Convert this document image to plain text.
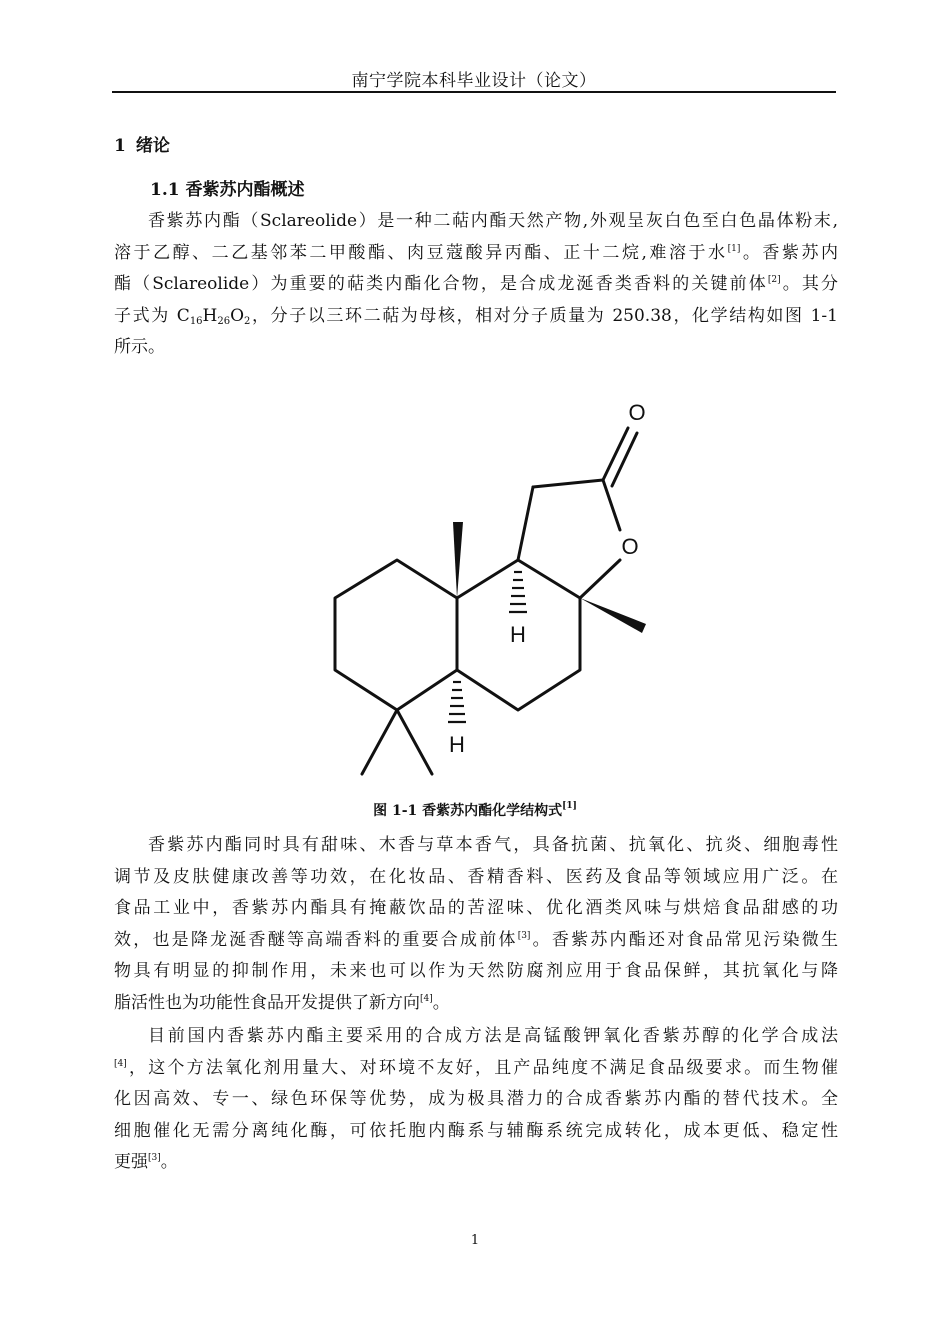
南宁学院本科毕业设计（论文）
1 绪论
1.1 香紫苏内酯概述
香紫苏内酯（Sclareolide）是一种二萜内酯天然产物,外观呈灰白色至白色晶体粉末,
溶于乙醇、二乙基邻苯二甲酸酯、肉豆蔻酸异丙酯、正十二烷,难溶于水[1]。香紫苏内
酯（Sclareolide）为重要的萜类内酯化合物，是合成龙涎香类香料的关键前体[2]。其分
子式为 $C_{16}H_{26}O_2$，分子以三环二萜为母核，相对分子质量为 250.38，化学结构如图 1-1
所示。
O
O
H
H
图 1-1 香紫苏内酯化学结构式[1]
香紫苏内酯同时具有甜味、木香与草本香气，具备抗菌、抗氧化、抗炎、细胞毒性
调节及皮肤健康改善等功效，在化妆品、香精香料、医药及食品等领域应用广泛。在
食品工业中，香紫苏内酯具有掩蔽饮品的苦涩味、优化酒类风味与烘焙食品甜感的功
效，也是降龙涎香醚等高端香料的重要合成前体[3]。香紫苏内酯还对食品常见污染微生
物具有明显的抑制作用，未来也可以作为天然防腐剂应用于食品保鲜，其抗氧化与降
脂活性也为功能性食品开发提供了新方向[4]。
目前国内香紫苏内酯主要采用的合成方法是高锰酸钾氧化香紫苏醇的化学合成法
[4]，这个方法氧化剂用量大、对环境不友好，且产品纯度不满足食品级要求。而生物催
化因高效、专一、绿色环保等优势，成为极具潜力的合成香紫苏内酯的替代技术。全
细胞催化无需分离纯化酶，可依托胞内酶系与辅酶系统完成转化，成本更低、稳定性
更强[3]。
1
